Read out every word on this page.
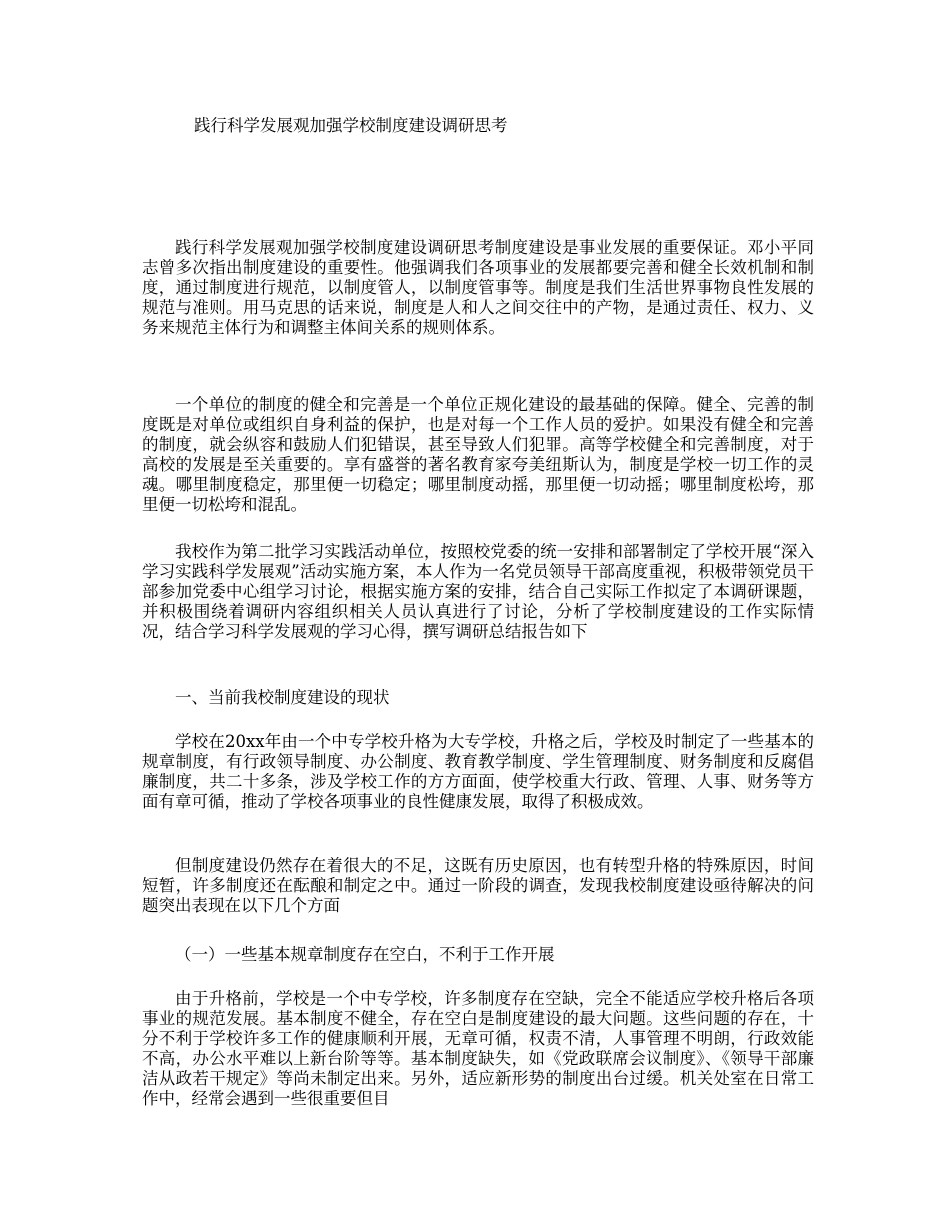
践行科学发展观加强学校制度建设调研思考

践行科学发展观加强学校制度建设调研思考制度建设是事业发展的重要保证。邓小平同志曾多次指出制度建设的重要性。他强调我们各项事业的发展都要完善和健全长效机制和制度，通过制度进行规范，以制度管人，以制度管事等。制度是我们生活世界事物良性发展的规范与准则。用马克思的话来说，制度是人和人之间交往中的产物，是通过责任、权力、义务来规范主体行为和调整主体间关系的规则体系。

一个单位的制度的健全和完善是一个单位正规化建设的最基础的保障。健全、完善的制度既是对单位或组织自身利益的保护，也是对每一个工作人员的爱护。如果没有健全和完善的制度，就会纵容和鼓励人们犯错误，甚至导致人们犯罪。高等学校健全和完善制度，对于高校的发展是至关重要的。享有盛誉的著名教育家夸美纽斯认为，制度是学校一切工作的灵魂。哪里制度稳定，那里便一切稳定；哪里制度动摇，那里便一切动摇；哪里制度松垮，那里便一切松垮和混乱。

我校作为第二批学习实践活动单位，按照校党委的统一安排和部署制定了学校开展“深入学习实践科学发展观”活动实施方案，本人作为一名党员领导干部高度重视，积极带领党员干部参加党委中心组学习讨论，根据实施方案的安排，结合自己实际工作拟定了本调研课题，并积极围绕着调研内容组织相关人员认真进行了讨论，分析了学校制度建设的工作实际情况，结合学习科学发展观的学习心得，撰写调研总结报告如下

一、当前我校制度建设的现状

学校在20xx年由一个中专学校升格为大专学校，升格之后，学校及时制定了一些基本的规章制度，有行政领导制度、办公制度、教育教学制度、学生管理制度、财务制度和反腐倡廉制度，共二十多条，涉及学校工作的方方面面，使学校重大行政、管理、人事、财务等方面有章可循，推动了学校各项事业的良性健康发展，取得了积极成效。

但制度建设仍然存在着很大的不足，这既有历史原因，也有转型升格的特殊原因，时间短暂，许多制度还在酝酿和制定之中。通过一阶段的调查，发现我校制度建设亟待解决的问题突出表现在以下几个方面

（一）一些基本规章制度存在空白，不利于工作开展

由于升格前，学校是一个中专学校，许多制度存在空缺，完全不能适应学校升格后各项事业的规范发展。基本制度不健全，存在空白是制度建设的最大问题。这些问题的存在，十分不利于学校许多工作的健康顺利开展，无章可循，权责不清，人事管理不明朗，行政效能不高，办公水平难以上新台阶等等。基本制度缺失，如《党政联席会议制度》、《领导干部廉洁从政若干规定》等尚未制定出来。另外，适应新形势的制度出台过缓。机关处室在日常工作中，经常会遇到一些很重要但目
